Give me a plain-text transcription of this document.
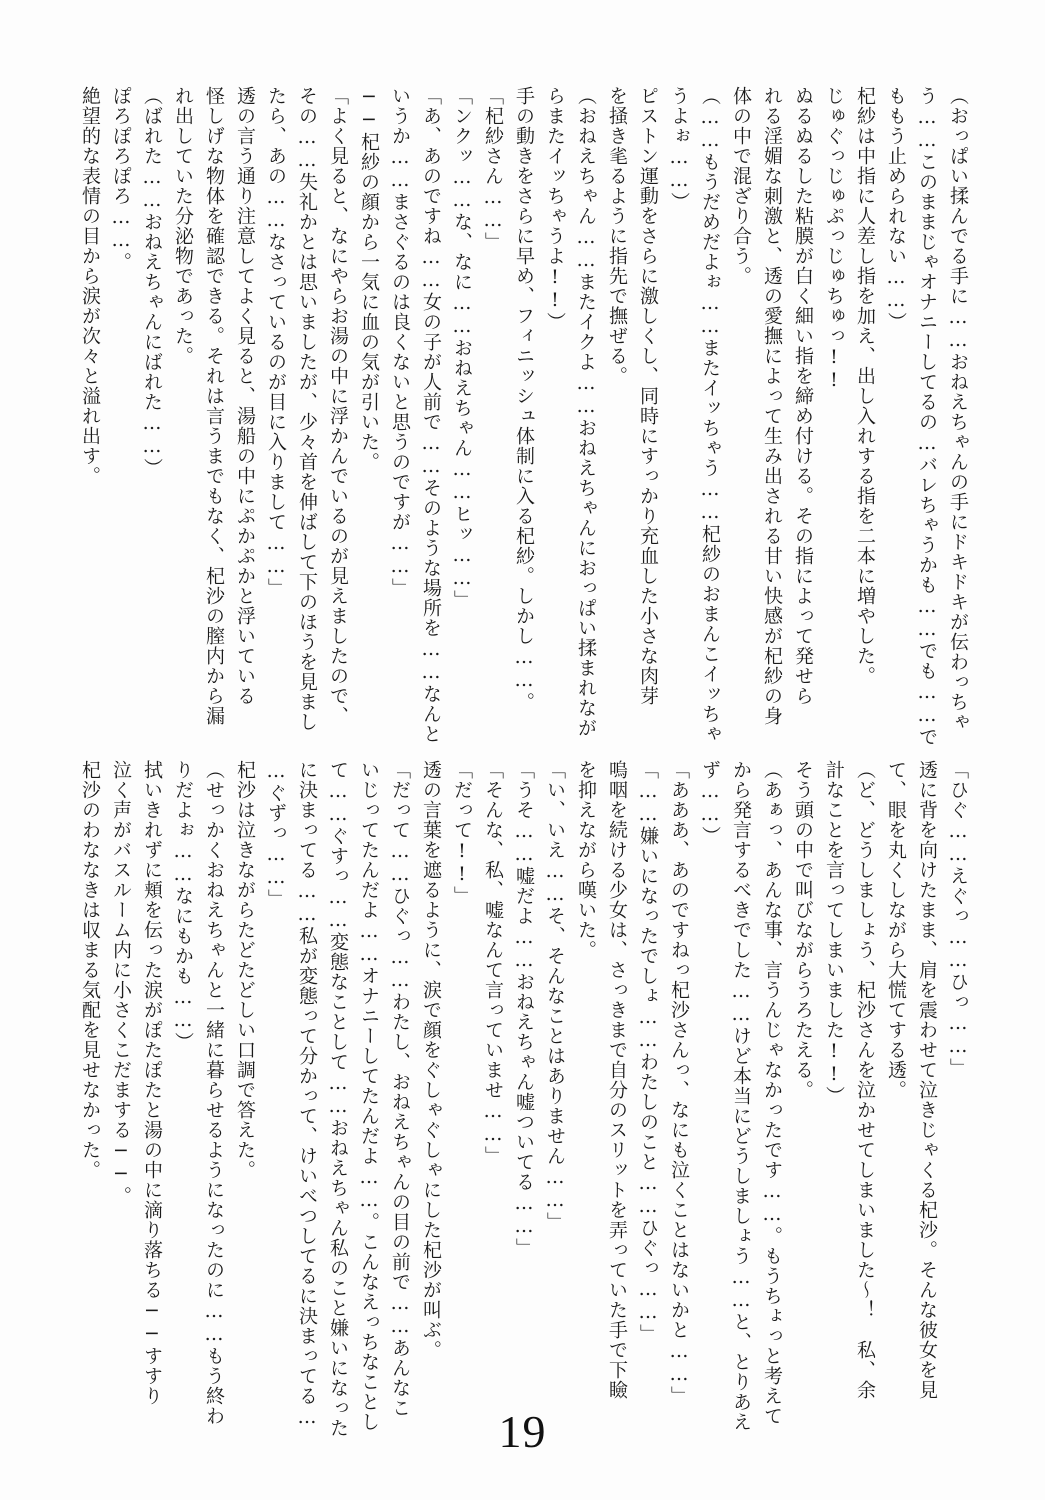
（おっぱい揉んでる手に……おねえちゃんの手にドキドキが伝わっちゃ

う……このままじゃオナニーしてるの…バレちゃうかも……でも……で

ももう止められない……）

杞紗は中指に人差し指を加え、出し入れする指を二本に増やした。

じゅぐっじゅぷっじゅちゅっ!!

ぬるぬるした粘膜が白く細い指を締め付ける。その指によって発せら

れる淫媚な刺激と、透の愛撫によって生み出される甘い快感が杞紗の身

体の中で混ざり合う。

（……もうだめだよぉ……またイッちゃう……杞紗のおまんこイッちゃ

うよぉ……）

ピストン運動をさらに激しくし、同時にすっかり充血した小さな肉芽

を掻き毟るように指先で撫ぜる。

（おねえちゃん……またイクよ……おねえちゃんにおっぱい揉まれなが

らまたイッちゃうよ!!）

手の動きをさらに早め、フィニッシュ体制に入る杞紗。しかし……。

「杞紗さん……」

「ンクッ……な、なに……おねえちゃん……ヒッ……」

「あ、あのですね……女の子が人前で……そのような場所を……なんと

いうか……まさぐるのは良くないと思うのですが……」

──杞紗の顔から一気に血の気が引いた。

「よく見ると、なにやらお湯の中に浮かんでいるのが見えましたので、

その……失礼かとは思いましたが、少々首を伸ばして下のほうを見まし

たら、あの……なさっているのが目に入りまして……」

透の言う通り注意してよく見ると、湯船の中にぷかぷかと浮いている

怪しげな物体を確認できる。それは言うまでもなく、杞沙の膣内から漏

れ出していた分泌物であった。

（ばれた……おねえちゃんにばれた……）

ぽろぽろぽろ……。

絶望的な表情の目から涙が次々と溢れ出す。

「ひぐ……えぐっ……ひっ……」

透に背を向けたまま、肩を震わせて泣きじゃくる杞沙。そんな彼女を見

て、眼を丸くしながら大慌てする透。

（ど、どうしましょう、杞沙さんを泣かせてしまいました～！　私、余

計なことを言ってしまいました!!）

そう頭の中で叫びながらうろたえる。

（あぁっ、あんな事、言うんじゃなかったです……。もうちょっと考えて

から発言するべきでした……けど本当にどうしましょう……と、とりあえ

ず……）

「あああ、あのですねっ杞沙さんっ、なにも泣くことはないかと……」

「……嫌いになったでしょ……わたしのこと……ひぐっ……」

嗚咽を続ける少女は、さっきまで自分のスリットを弄っていた手で下瞼

を抑えながら嘆いた。

「い、いえ……そ、そんなことはありません……」

「うそ……嘘だよ……おねえちゃん嘘ついてる……」

「そんな、私、嘘なんて言っていませ……」

「だって!!」

透の言葉を遮るように、涙で顔をぐしゃぐしゃにした杞沙が叫ぶ。

「だって……ひぐっ……わたし、おねえちゃんの目の前で……あんなこ

いじってたんだよ……オナニーしてたんだよ……。こんなえっちなことし

て……ぐすっ……変態なことして……おねえちゃん私のこと嫌いになった

に決まってる……私が変態って分かって、けいべつしてるに決まってる…

…ぐずっ……」

杞沙は泣きながらたどたどしい口調で答えた。

（せっかくおねえちゃんと一緒に暮らせるようになったのに……もう終わ

りだよぉ……なにもかも……）

拭いきれずに頬を伝った涙がぽたぽたと湯の中に滴り落ちる──すすり

泣く声がバスルーム内に小さくこだまする──。

杞沙のわななきは収まる気配を見せなかった。

19
